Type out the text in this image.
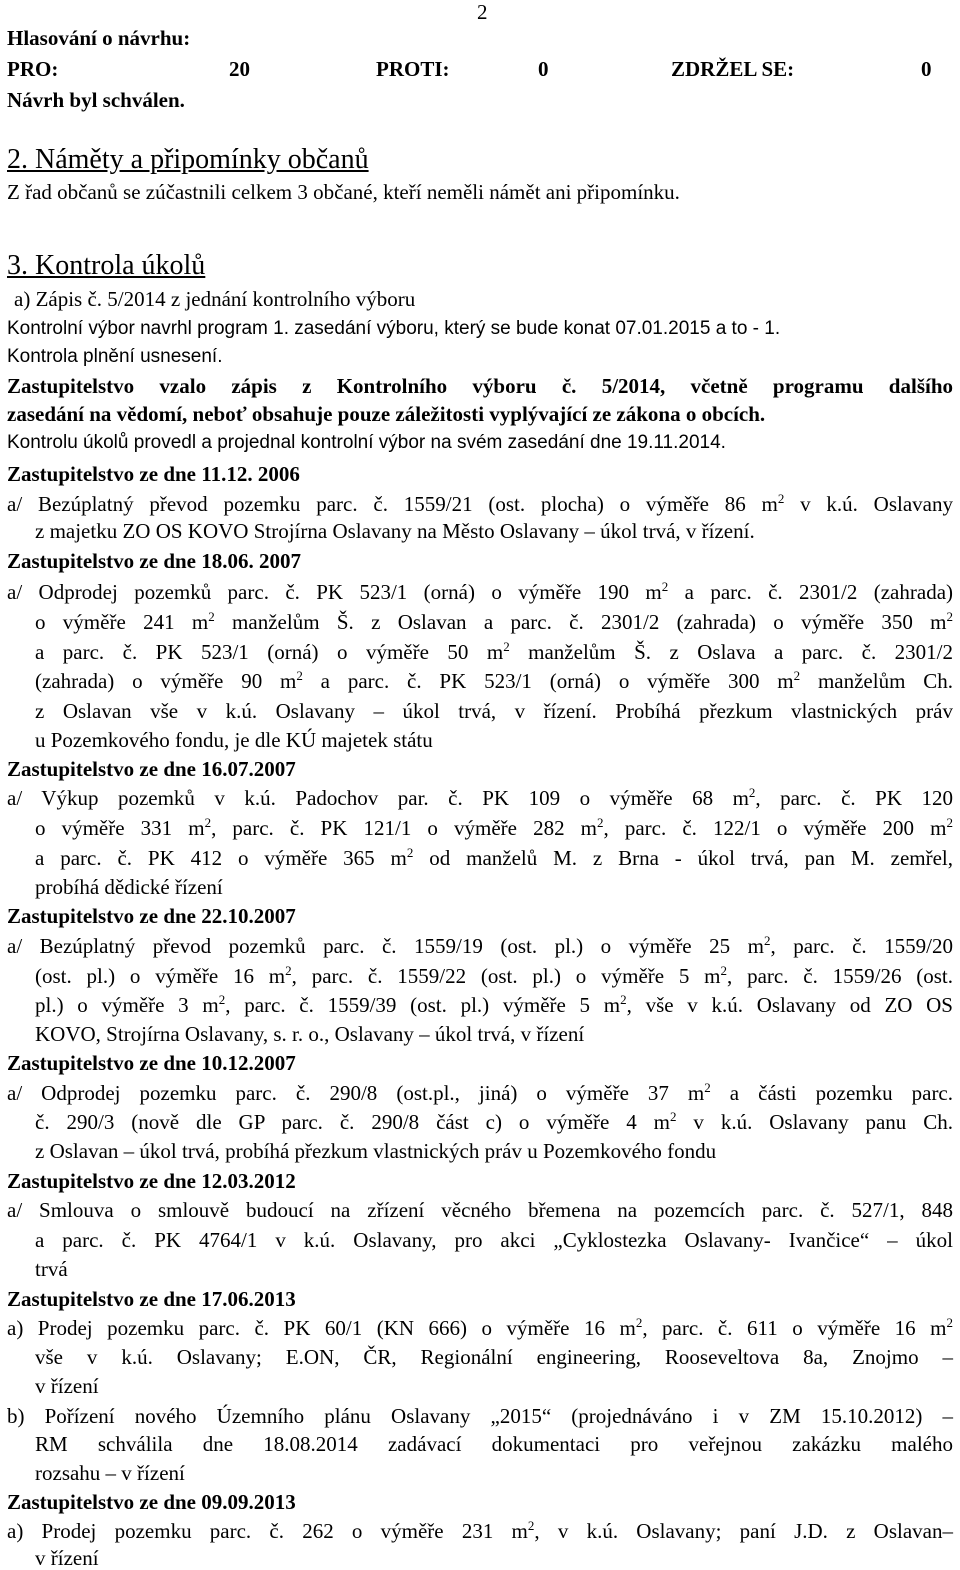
2
Hlasování o návrhu:
PRO:	20	PROTI:	0	ZDRŽEL SE:	0
Návrh byl schválen.
2. Náměty a připomínky občanů
Z řad občanů se zúčastnili celkem 3 občané, kteří neměli námět ani připomínku.
3. Kontrola úkolů
a) Zápis č. 5/2014 z jednání kontrolního výboru
Kontrolní výbor navrhl program 1. zasedání výboru, který se bude konat 07.01.2015 a to - 1.
Kontrola plnění usnesení.
Zastupitelstvo vzalo zápis z Kontrolního výboru č. 5/2014, včetně programu dalšího
zasedání na vědomí, neboť obsahuje pouze záležitosti vyplývající ze zákona o obcích.
Kontrolu úkolů provedl a projednal kontrolní výbor na svém zasedání dne 19.11.2014.
Zastupitelstvo ze dne 11.12. 2006
a/ Bezúplatný převod pozemku parc. č. 1559/21 (ost. plocha) o výměře 86 $m^2$ v k.ú. Oslavany
z majetku ZO OS KOVO Strojírna Oslavany na Město Oslavany – úkol trvá, v řízení.
Zastupitelstvo ze dne 18.06. 2007
a/ Odprodej pozemků parc. č. PK 523/1 (orná) o výměře 190 $m^2$ a parc. č. 2301/2 (zahrada)
o výměře 241 $m^2$ manželům Š. z Oslavan a parc. č. 2301/2 (zahrada) o výměře 350 $m^2$
a parc. č. PK 523/1 (orná) o výměře 50 $m^2$ manželům Š. z Oslava a parc. č. 2301/2
(zahrada) o výměře 90 $m^2$ a parc. č. PK 523/1 (orná) o výměře 300 $m^2$ manželům Ch.
z Oslavan vše v k.ú. Oslavany – úkol trvá, v řízení. Probíhá přezkum vlastnických práv
u Pozemkového fondu, je dle KÚ majetek státu
Zastupitelstvo ze dne 16.07.2007
a/ Výkup pozemků v k.ú. Padochov par. č. PK 109 o výměře 68 $m^2$, parc. č. PK 120
o výměře 331 $m^2$, parc. č. PK 121/1 o výměře 282 $m^2$, parc. č. 122/1 o výměře 200 $m^2$
a parc. č. PK 412 o výměře 365 $m^2$ od manželů M. z Brna - úkol trvá, pan M. zemřel,
probíhá dědické řízení
Zastupitelstvo ze dne 22.10.2007
a/ Bezúplatný převod pozemků parc. č. 1559/19 (ost. pl.) o výměře 25 $m^2$, parc. č. 1559/20
(ost. pl.) o výměře 16 $m^2$, parc. č. 1559/22 (ost. pl.) o výměře 5 $m^2$, parc. č. 1559/26 (ost.
pl.) o výměře 3 $m^2$, parc. č. 1559/39 (ost. pl.) výměře 5 $m^2$, vše v k.ú. Oslavany od ZO OS
KOVO, Strojírna Oslavany, s. r. o., Oslavany – úkol trvá, v řízení
Zastupitelstvo ze dne 10.12.2007
a/ Odprodej pozemku parc. č. 290/8 (ost.pl., jiná) o výměře 37 $m^2$ a části pozemku parc.
č. 290/3 (nově dle GP parc. č. 290/8 část c) o výměře 4 $m^2$ v k.ú. Oslavany panu Ch.
z Oslavan – úkol trvá, probíhá přezkum vlastnických práv u Pozemkového fondu
Zastupitelstvo ze dne 12.03.2012
a/ Smlouva o smlouvě budoucí na zřízení věcného břemena na pozemcích parc. č. 527/1, 848
a parc. č. PK 4764/1 v k.ú. Oslavany, pro akci „Cyklostezka Oslavany- Ivančice“ – úkol
trvá
Zastupitelstvo ze dne 17.06.2013
a) Prodej pozemku parc. č. PK 60/1 (KN 666) o výměře 16 $m^2$, parc. č. 611 o výměře 16 $m^2$
vše v k.ú. Oslavany; E.ON, ČR, Regionální engineering, Rooseveltova 8a, Znojmo –
v řízení
b) Pořízení nového Územního plánu Oslavany „2015“ (projednáváno i v ZM 15.10.2012) –
RM schválila dne 18.08.2014 zadávací dokumentaci pro veřejnou zakázku malého
rozsahu – v řízení
Zastupitelstvo ze dne 09.09.2013
a) Prodej pozemku parc. č. 262 o výměře 231 $m^2$, v k.ú. Oslavany; paní J.D. z Oslavan–
v řízení
